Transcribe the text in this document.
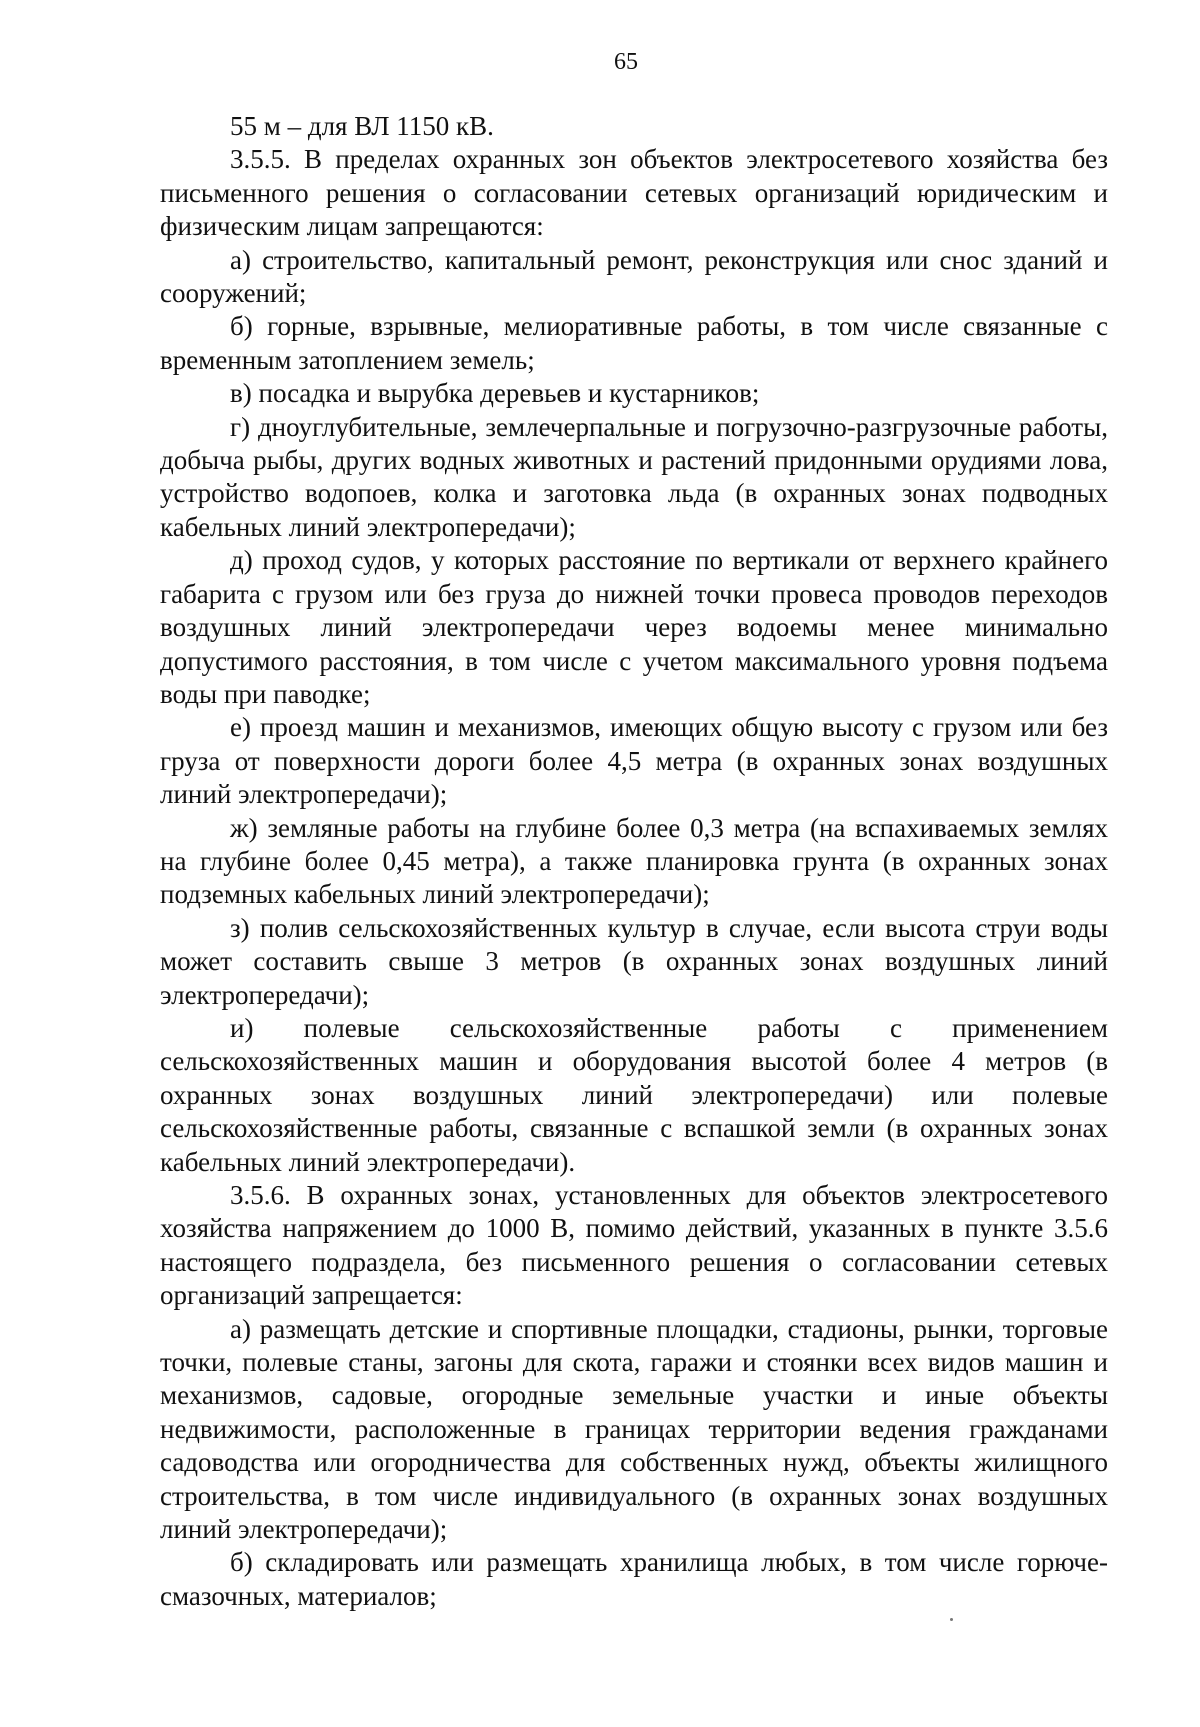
65

55 м – для ВЛ 1150 кВ.

3.5.5. В пределах охранных зон объектов электросетевого хозяйства без письменного решения о согласовании сетевых организаций юридическим и физическим лицам запрещаются:

а) строительство, капитальный ремонт, реконструкция или снос зданий и сооружений;

б) горные, взрывные, мелиоративные работы, в том числе связанные с временным затоплением земель;

в) посадка и вырубка деревьев и кустарников;

г) дноуглубительные, землечерпальные и погрузочно-разгрузочные работы, добыча рыбы, других водных животных и растений придонными орудиями лова, устройство водопоев, колка и заготовка льда (в охранных зонах подводных кабельных линий электропередачи);

д) проход судов, у которых расстояние по вертикали от верхнего крайнего габарита с грузом или без груза до нижней точки провеса проводов переходов воздушных линий электропередачи через водоемы менее минимально допустимого расстояния, в том числе с учетом максимального уровня подъема воды при паводке;

е) проезд машин и механизмов, имеющих общую высоту с грузом или без груза от поверхности дороги более 4,5 метра (в охранных зонах воздушных линий электропередачи);

ж) земляные работы на глубине более 0,3 метра (на вспахиваемых землях на глубине более 0,45 метра), а также планировка грунта (в охранных зонах подземных кабельных линий электропередачи);

з) полив сельскохозяйственных культур в случае, если высота струи воды может составить свыше 3 метров (в охранных зонах воздушных линий электропередачи);

и) полевые сельскохозяйственные работы с применением сельскохозяйственных машин и оборудования высотой более 4 метров (в охранных зонах воздушных линий электропередачи) или полевые сельскохозяйственные работы, связанные с вспашкой земли (в охранных зонах кабельных линий электропередачи).

3.5.6. В охранных зонах, установленных для объектов электросетевого хозяйства напряжением до 1000 В, помимо действий, указанных в пункте 3.5.6 настоящего подраздела, без письменного решения о согласовании сетевых организаций запрещается:

а) размещать детские и спортивные площадки, стадионы, рынки, торговые точки, полевые станы, загоны для скота, гаражи и стоянки всех видов машин и механизмов, садовые, огородные земельные участки и иные объекты недвижимости, расположенные в границах территории ведения гражданами садоводства или огородничества для собственных нужд, объекты жилищного строительства, в том числе индивидуального (в охранных зонах воздушных линий электропередачи);

б) складировать или размещать хранилища любых, в том числе горюче-смазочных, материалов;
